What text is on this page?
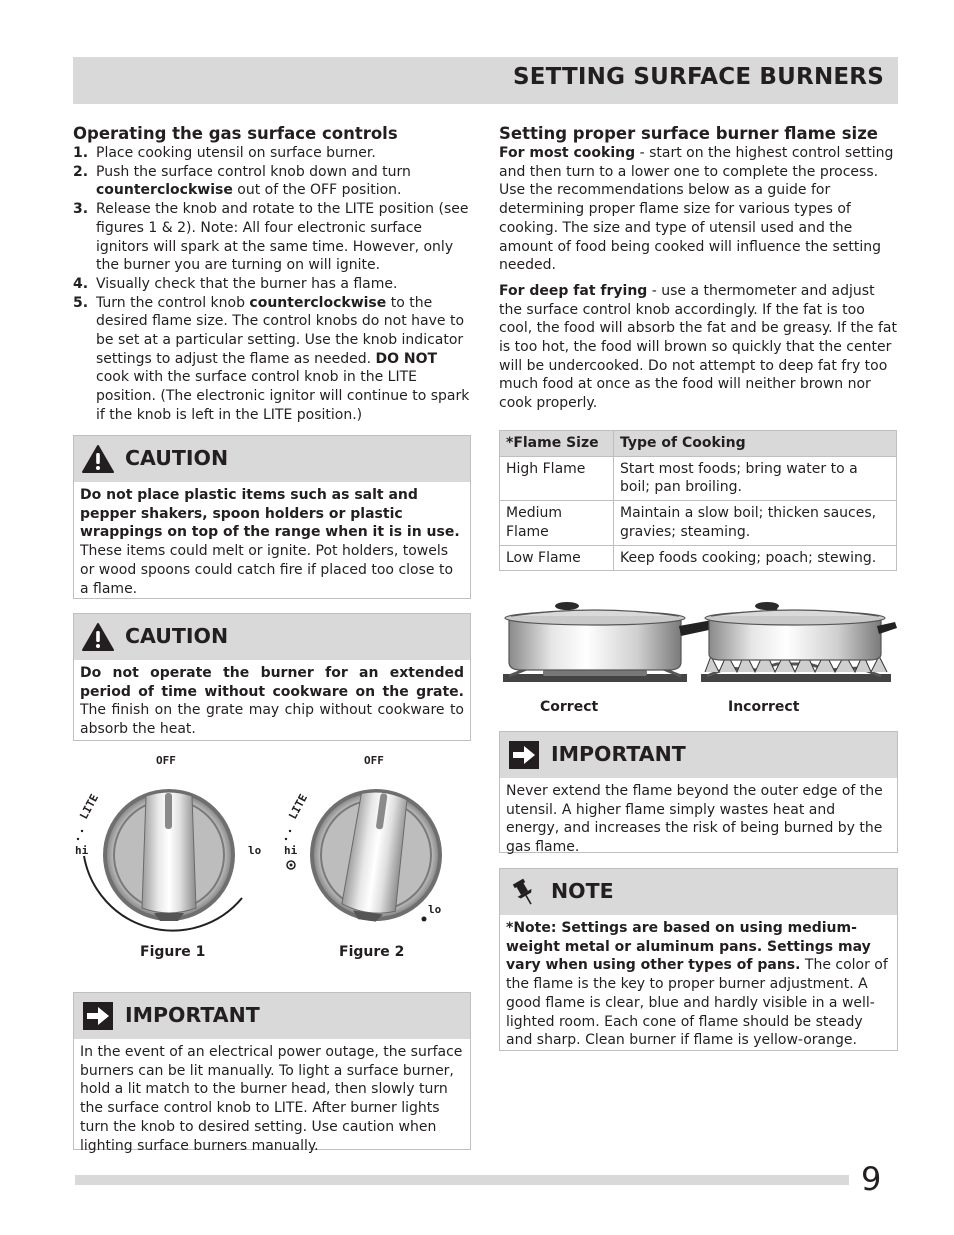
SETTING SURFACE BURNERS
Operating the gas surface controls
1. Place cooking utensil on surface burner.
2. Push the surface control knob down and turn counterclockwise out of the OFF position.
3. Release the knob and rotate to the LITE position (see figures 1 & 2). Note: All four electronic surface ignitors will spark at the same time. However, only the burner you are turning on will ignite.
4. Visually check that the burner has a flame.
5. Turn the control knob counterclockwise to the desired flame size. The control knobs do not have to be set at a particular setting. Use the knob indicator settings to adjust the flame as needed. DO NOT cook with the surface control knob in the LITE position. (The electronic ignitor will continue to spark if the knob is left in the LITE position.)
CAUTION
Do not place plastic items such as salt and pepper shakers, spoon holders or plastic wrappings on top of the range when it is in use. These items could melt or ignite. Pot holders, towels or wood spoons could catch fire if placed too close to a flame.
CAUTION
Do not operate the burner for an extended period of time without cookware on the grate. The finish on the grate may chip without cookware to absorb the heat.
OFF
hi	lo
LITE
OFF
hi
lo
LITE
Figure 1	Figure 2
IMPORTANT
In the event of an electrical power outage, the surface burners can be lit manually. To light a surface burner, hold a lit match to the burner head, then slowly turn the surface control knob to LITE. After burner lights turn the knob to desired setting. Use caution when lighting surface burners manually.
Setting proper surface burner flame size

For most cooking - start on the highest control setting and then turn to a lower one to complete the process. Use the recommendations below as a guide for determining proper flame size for various types of cooking. The size and type of utensil used and the amount of food being cooked will influence the setting needed.

For deep fat frying - use a thermometer and adjust the surface control knob accordingly. If the fat is too cool, the food will absorb the fat and be greasy. If the fat is too hot, the food will brown so quickly that the center will be undercooked. Do not attempt to deep fat fry too much food at once as the food will neither brown nor cook properly.

*Flame Size	Type of Cooking
High Flame	Start most foods; bring water to a boil; pan broiling.
Medium Flame	Maintain a slow boil; thicken sauces, gravies; steaming.
Low Flame	Keep foods cooking; poach; stewing.
Correct	Incorrect
IMPORTANT
Never extend the flame beyond the outer edge of the utensil. A higher flame simply wastes heat and energy, and increases the risk of being burned by the gas flame.
NOTE
*Note: Settings are based on using medium-weight metal or aluminum pans. Settings may vary when using other types of pans. The color of the flame is the key to proper burner adjustment. A good flame is clear, blue and hardly visible in a well-lighted room. Each cone of flame should be steady and sharp. Clean burner if flame is yellow-orange.
9
